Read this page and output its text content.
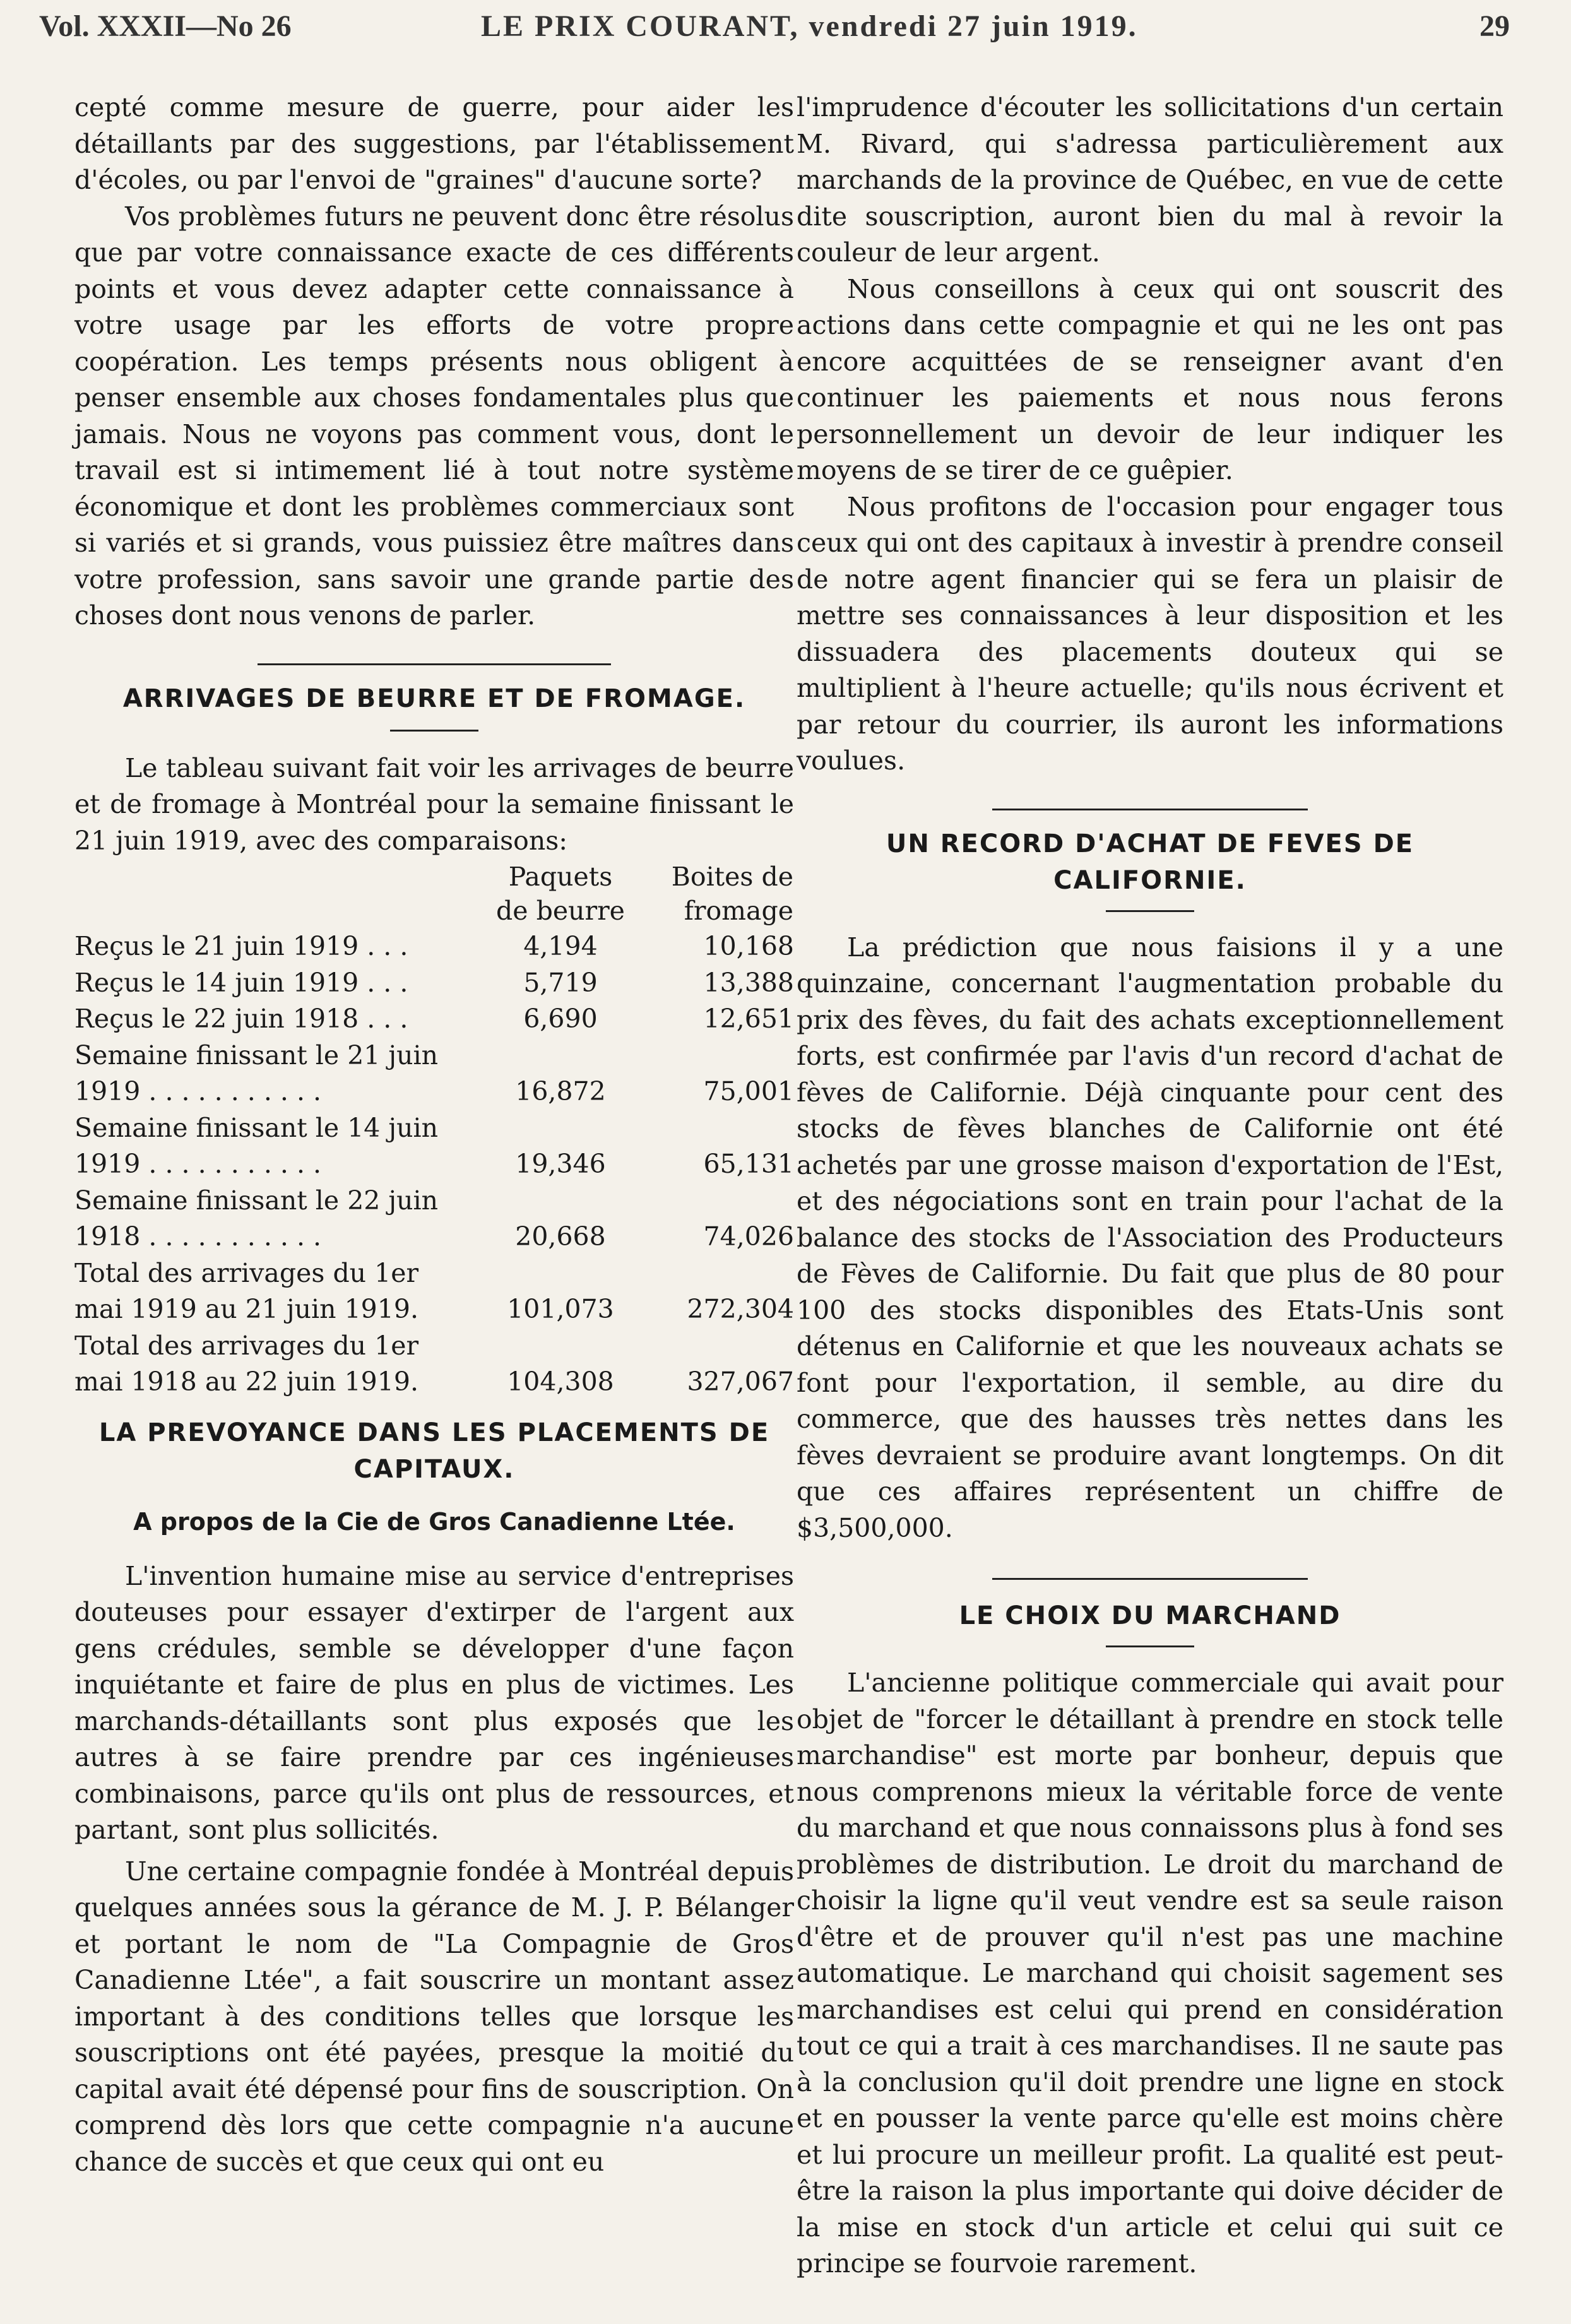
Vol. XXXII—No 26	LE PRIX COURANT, vendredi 27 juin 1919.	29

cepté comme mesure de guerre, pour aider les détaillants par des suggestions, par l'établissement d'écoles, ou par l'envoi de "graines" d'aucune sorte?

Vos problèmes futurs ne peuvent donc être résolus que par votre connaissance exacte de ces différents points et vous devez adapter cette connaissance à votre usage par les efforts de votre propre coopération. Les temps présents nous obligent à penser ensemble aux choses fondamentales plus que jamais. Nous ne voyons pas comment vous, dont le travail est si intimement lié à tout notre système économique et dont les problèmes commerciaux sont si variés et si grands, vous puissiez être maîtres dans votre profession, sans savoir une grande partie des choses dont nous venons de parler.

ARRIVAGES DE BEURRE ET DE FROMAGE.

Le tableau suivant fait voir les arrivages de beurre et de fromage à Montréal pour la semaine finissant le 21 juin 1919, avec des comparaisons:

	Paquets
de beurre	Boites de
fromage

Reçus le 21 juin 1919 . . .	4,194	10,168

Reçus le 14 juin 1919 . . .	5,719	13,388

Reçus le 22 juin 1918 . . .	6,690	12,651

Semaine finissant le 21 juin
1919 . . . . . . . . . . .	16,872	75,001

Semaine finissant le 14 juin
1919 . . . . . . . . . . .	19,346	65,131

Semaine finissant le 22 juin
1918 . . . . . . . . . . .	20,668	74,026

Total des arrivages du 1er
mai 1919 au 21 juin 1919.	101,073	272,304

Total des arrivages du 1er
mai 1918 au 22 juin 1919.	104,308	327,067
LA PREVOYANCE DANS LES PLACEMENTS DE
CAPITAUX.
A propos de la Cie de Gros Canadienne Ltée.

L'invention humaine mise au service d'entreprises douteuses pour essayer d'extirper de l'argent aux gens crédules, semble se développer d'une façon inquiétante et faire de plus en plus de victimes. Les marchands-détaillants sont plus exposés que les autres à se faire prendre par ces ingénieuses combinaisons, parce qu'ils ont plus de ressources, et partant, sont plus sollicités.

Une certaine compagnie fondée à Montréal depuis quelques années sous la gérance de M. J. P. Bélanger et portant le nom de "La Compagnie de Gros Canadienne Ltée", a fait souscrire un montant assez important à des conditions telles que lorsque les souscriptions ont été payées, presque la moitié du capital avait été dépensé pour fins de souscription. On comprend dès lors que cette compagnie n'a aucune chance de succès et que ceux qui ont eu

l'imprudence d'écouter les sollicitations d'un certain M. Rivard, qui s'adressa particulièrement aux marchands de la province de Québec, en vue de cette dite souscription, auront bien du mal à revoir la couleur de leur argent.

Nous conseillons à ceux qui ont souscrit des actions dans cette compagnie et qui ne les ont pas encore acquittées de se renseigner avant d'en continuer les paiements et nous nous ferons personnellement un devoir de leur indiquer les moyens de se tirer de ce guêpier.

Nous profitons de l'occasion pour engager tous ceux qui ont des capitaux à investir à prendre conseil de notre agent financier qui se fera un plaisir de mettre ses connaissances à leur disposition et les dissuadera des placements douteux qui se multiplient à l'heure actuelle; qu'ils nous écrivent et par retour du courrier, ils auront les informations voulues.

UN RECORD D'ACHAT DE FEVES DE
CALIFORNIE.

La prédiction que nous faisions il y a une quinzaine, concernant l'augmentation probable du prix des fèves, du fait des achats exceptionnellement forts, est confirmée par l'avis d'un record d'achat de fèves de Californie. Déjà cinquante pour cent des stocks de fèves blanches de Californie ont été achetés par une grosse maison d'exportation de l'Est, et des négociations sont en train pour l'achat de la balance des stocks de l'Association des Producteurs de Fèves de Californie. Du fait que plus de 80 pour 100 des stocks disponibles des Etats-Unis sont détenus en Californie et que les nouveaux achats se font pour l'exportation, il semble, au dire du commerce, que des hausses très nettes dans les fèves devraient se produire avant longtemps. On dit que ces affaires représentent un chiffre de $3,500,000.

LE CHOIX DU MARCHAND

L'ancienne politique commerciale qui avait pour objet de "forcer le détaillant à prendre en stock telle marchandise" est morte par bonheur, depuis que nous comprenons mieux la véritable force de vente du marchand et que nous connaissons plus à fond ses problèmes de distribution. Le droit du marchand de choisir la ligne qu'il veut vendre est sa seule raison d'être et de prouver qu'il n'est pas une machine automatique. Le marchand qui choisit sagement ses marchandises est celui qui prend en considération tout ce qui a trait à ces marchandises. Il ne saute pas à la conclusion qu'il doit prendre une ligne en stock et en pousser la vente parce qu'elle est moins chère et lui procure un meilleur profit. La qualité est peut-être la raison la plus importante qui doive décider de la mise en stock d'un article et celui qui suit ce principe se fourvoie rarement.
